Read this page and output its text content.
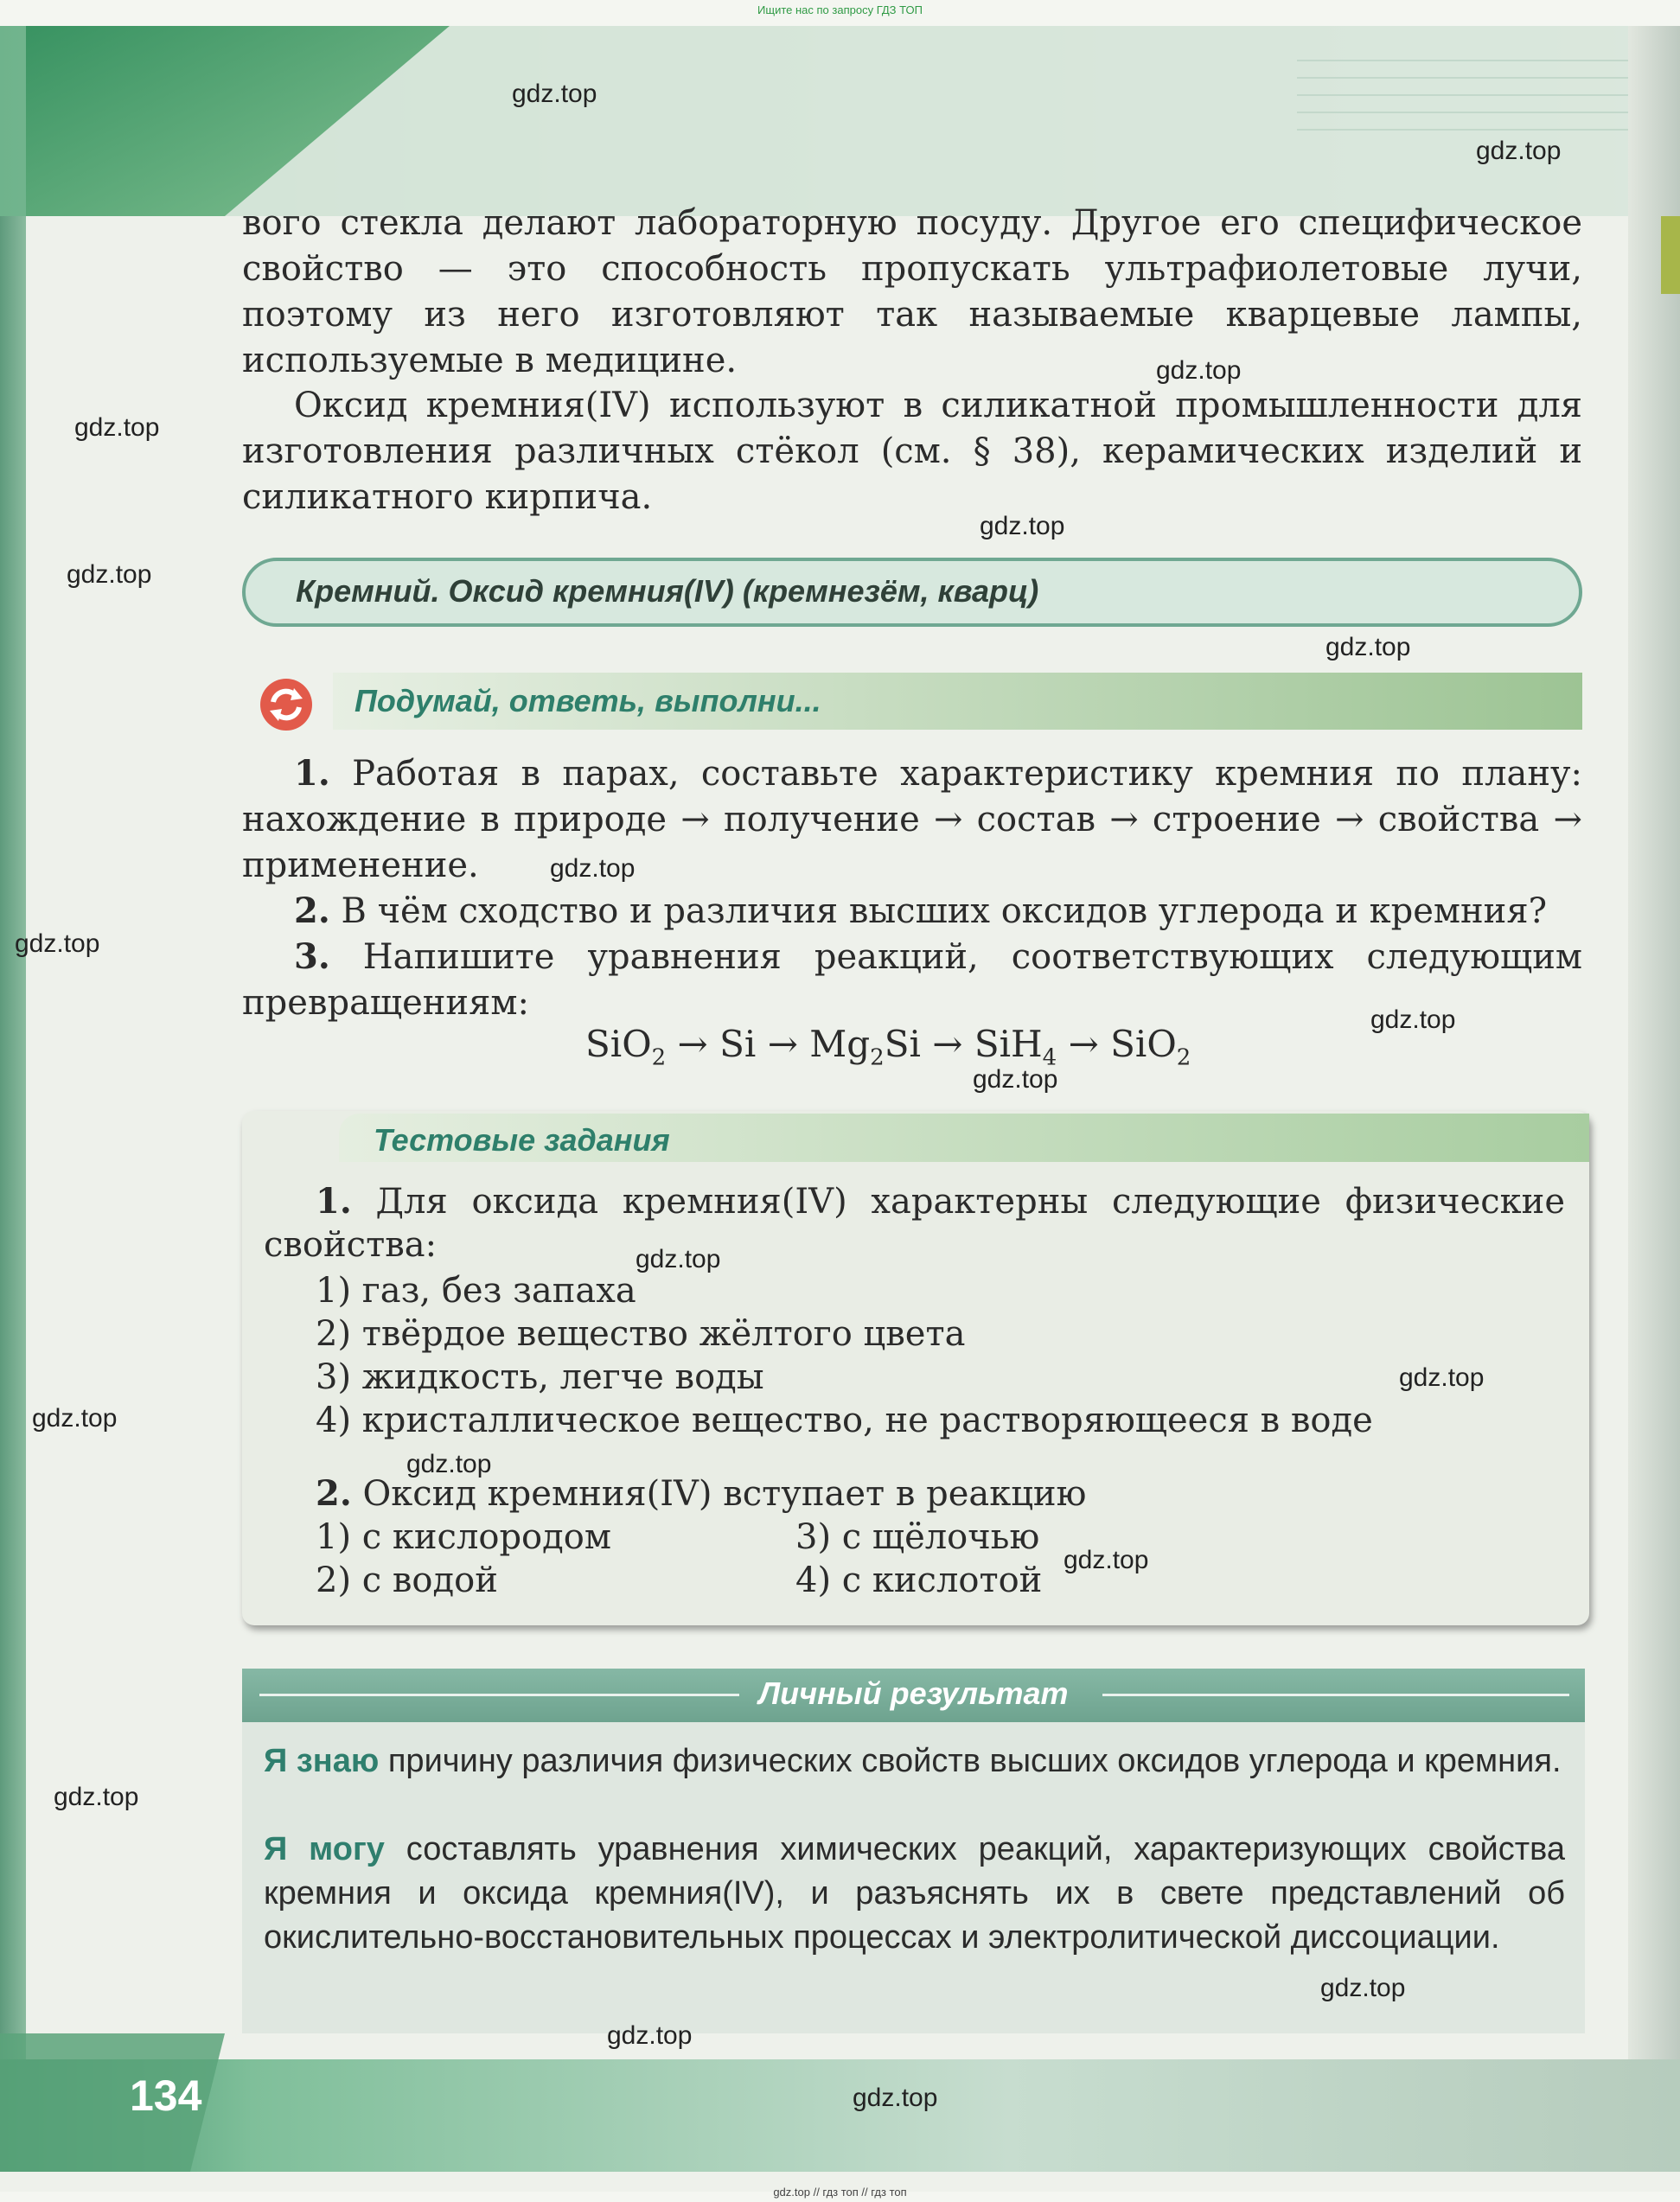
Ищите нас по запросу ГДЗ ТОП

вого стекла делают лабораторную посуду. Другое его специфическое свойство — это способность пропускать ультрафиолетовые лучи, поэтому из него изготовляют так называемые кварцевые лампы, используемые в медицине.

Оксид кремния(IV) используют в силикатной промышленности для изготовления различных стёкол (см. § 38), керамических изделий и силикатного кирпича.

Кремний. Оксид кремния(IV) (кремнезём, кварц)
Подумай, ответь, выполни...

1. Работая в парах, составьте характеристику кремния по плану: нахождение в природе → получение → состав → строение → свойства → применение.

2. В чём сходство и различия высших оксидов углерода и кремния?

3. Напишите уравнения реакций, соответствующих следующим превращениям:

$SiO_2 \to Si \to Mg_2Si \to SiH_4 \to SiO_2$
Тестовые задания

1. Для оксида кремния(IV) характерны следующие физические свойства:

1) газ, без запаха

2) твёрдое вещество жёлтого цвета

3) жидкость, легче воды

4) кристаллическое вещество, не растворяющееся в воде

2. Оксид кремния(IV) вступает в реакцию

1) с кислородом

2) с водой

3) с щёлочью

4) с кислотой

Личный результат

Я знаю причину различия физических свойств высших оксидов углерода и кремния.

Я могу составлять уравнения химических реакций, характеризующих свойства кремния и оксида кремния(IV), и разъяснять их в свете представлений об окислительно-восстановительных процессах и электролитической диссоциации.

134
gdz.top
gdz.top
gdz.top
gdz.top
gdz.top
gdz.top
gdz.top
gdz.top
gdz.top
gdz.top
gdz.top
gdz.top
gdz.top
gdz.top
gdz.top
gdz.top
gdz.top
gdz.top
gdz.top
gdz.top
gdz.top // гдз топ // гдз топ
